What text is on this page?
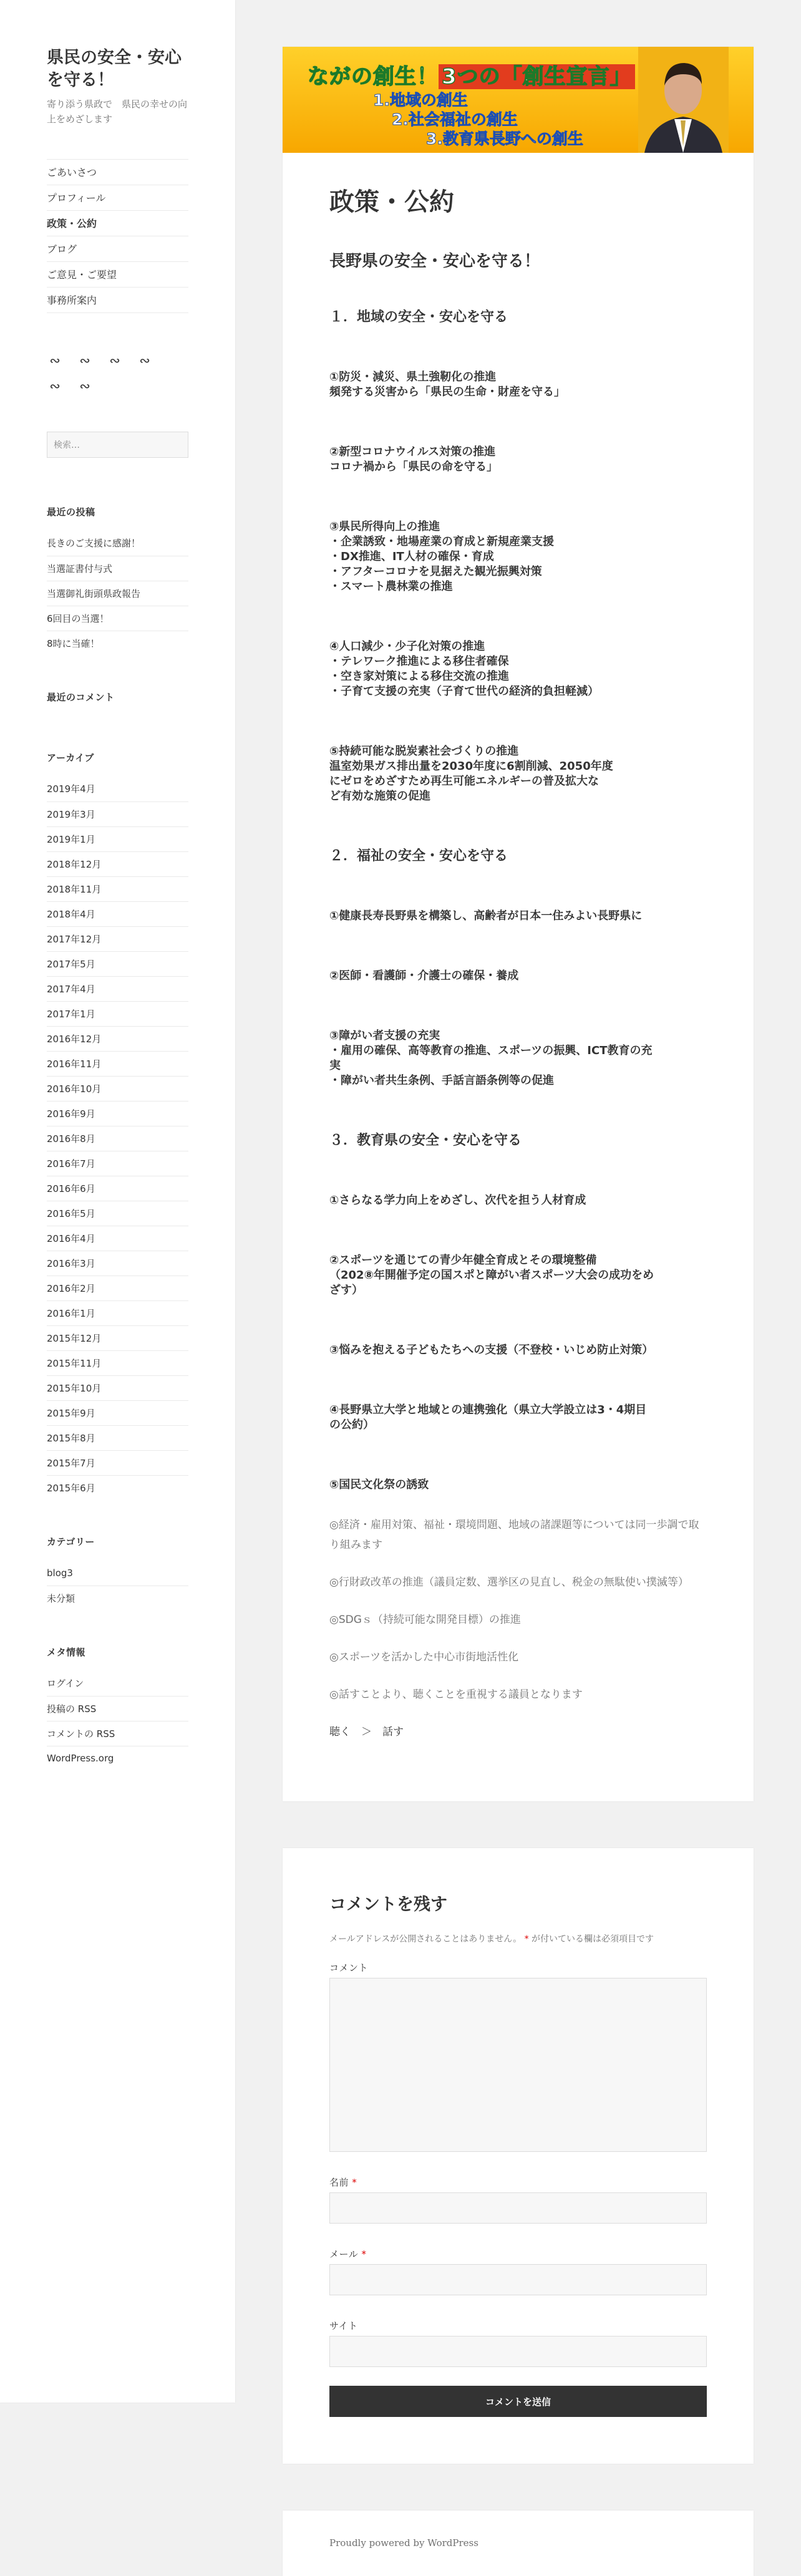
県民の安全・安心を守る！
寄り添う県政で　県民の幸せの向上をめざします
ごあいさつ
プロフィール
政策・公約
ブログ
ご意見・ご要望
事務所案内
∾ ∾ ∾ ∾
∾ ∾
検索…
最近の投稿
長きのご支援に感謝！
当選証書付与式
当選御礼街頭県政報告
6回目の当選！
8時に当確！
最近のコメント
アーカイブ
2019年4月
2019年3月
2019年1月
2018年12月
2018年11月
2018年4月
2017年12月
2017年5月
2017年4月
2017年1月
2016年12月
2016年11月
2016年10月
2016年9月
2016年8月
2016年7月
2016年6月
2016年5月
2016年4月
2016年3月
2016年2月
2016年1月
2015年12月
2015年11月
2015年10月
2015年9月
2015年8月
2015年7月
2015年6月
カテゴリー
blog3
未分類
メタ情報
ログイン
投稿の RSS
コメントの RSS
WordPress.org
ながの創生！ 3つの「創生宣言」
1.地域の創生
2.社会福祉の創生
3.教育県長野への創生
政策・公約
長野県の安全・安心を守る！
１．地域の安全・安心を守る
①防災・減災、県土強靭化の推進
頻発する災害から「県民の生命・財産を守る」
②新型コロナウイルス対策の推進
コロナ禍から「県民の命を守る」
③県民所得向上の推進
・企業誘致・地場産業の育成と新規産業支援
・DX推進、IT人材の確保・育成
・アフターコロナを見据えた観光振興対策
・スマート農林業の推進
④人口減少・少子化対策の推進
・テレワーク推進による移住者確保
・空き家対策による移住交流の推進
・子育て支援の充実（子育て世代の経済的負担軽減）
⑤持続可能な脱炭素社会づくりの推進
温室効果ガス排出量を2030年度に6割削減、2050年度
にゼロをめざすため再生可能エネルギーの普及拡大な
ど有効な施策の促進
２．福祉の安全・安心を守る
①健康長寿長野県を構築し、高齢者が日本一住みよい長野県に
②医師・看護師・介護士の確保・養成
③障がい者支援の充実
・雇用の確保、高等教育の推進、スポーツの振興、ICT教育の充
実
・障がい者共生条例、手話言語条例等の促進
３．教育県の安全・安心を守る
①さらなる学力向上をめざし、次代を担う人材育成
②スポーツを通じての青少年健全育成とその環境整備
（202⑧年開催予定の国スポと障がい者スポーツ大会の成功をめ
ざす）
③悩みを抱える子どもたちへの支援（不登校・いじめ防止対策）
④長野県立大学と地域との連携強化（県立大学設立は3・4期目
の公約）
⑤国民文化祭の誘致

◎経済・雇用対策、福祉・環境問題、地域の諸課題等については同一歩調で取り組みます

◎行財政改革の推進（議員定数、選挙区の見直し、税金の無駄使い撲滅等）

◎SDGｓ（持続可能な開発目標）の推進

◎スポーツを活かした中心市街地活性化

◎話すことより、聴くことを重視する議員となります

聴く　＞　話す

コメントを残す

メールアドレスが公開されることはありません。 * が付いている欄は必須項目です

コメント
名前 *
メール *
サイト
コメントを送信
Proudly powered by WordPress
